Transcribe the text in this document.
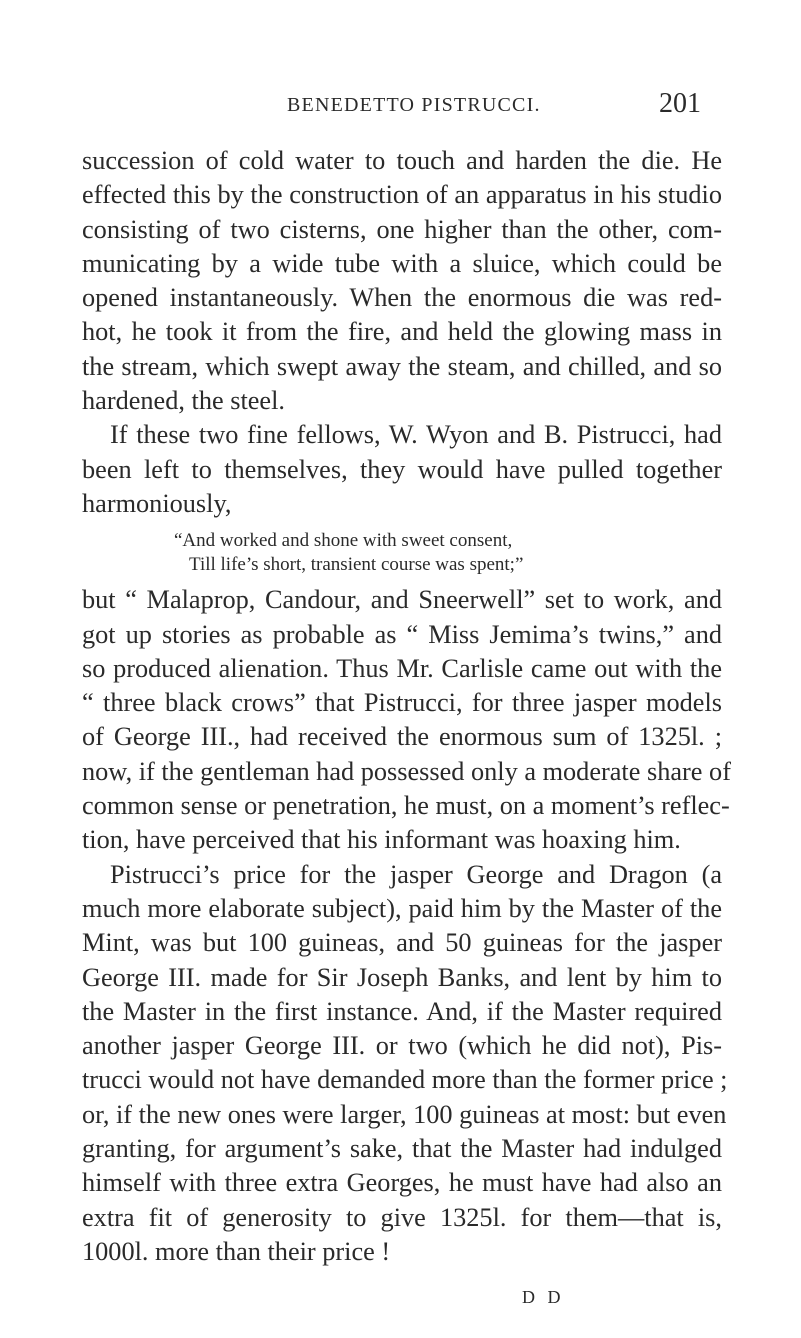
BENEDETTO PISTRUCCI.	201
succession of cold water to touch and harden the die. He
effected this by the construction of an apparatus in his studio
consisting of two cisterns, one higher than the other, com-
municating by a wide tube with a sluice, which could be
opened instantaneously. When the enormous die was red-
hot, he took it from the fire, and held the glowing mass in
the stream, which swept away the steam, and chilled, and so
hardened, the steel.
If these two fine fellows, W. Wyon and B. Pistrucci, had
been left to themselves, they would have pulled together
harmoniously,
“And worked and shone with sweet consent,
Till life’s short, transient course was spent;”
but “ Malaprop, Candour, and Sneerwell” set to work, and
got up stories as probable as “ Miss Jemima’s twins,” and
so produced alienation. Thus Mr. Carlisle came out with the
“ three black crows” that Pistrucci, for three jasper models
of George III., had received the enormous sum of 1325l. ;
now, if the gentleman had possessed only a moderate share of
common sense or penetration, he must, on a moment’s reflec-
tion, have perceived that his informant was hoaxing him.
Pistrucci’s price for the jasper George and Dragon (a
much more elaborate subject), paid him by the Master of the
Mint, was but 100 guineas, and 50 guineas for the jasper
George III. made for Sir Joseph Banks, and lent by him to
the Master in the first instance. And, if the Master required
another jasper George III. or two (which he did not), Pis-
trucci would not have demanded more than the former price ;
or, if the new ones were larger, 100 guineas at most: but even
granting, for argument’s sake, that the Master had indulged
himself with three extra Georges, he must have had also an
extra fit of generosity to give 1325l. for them—that is,
1000l. more than their price !
D D
